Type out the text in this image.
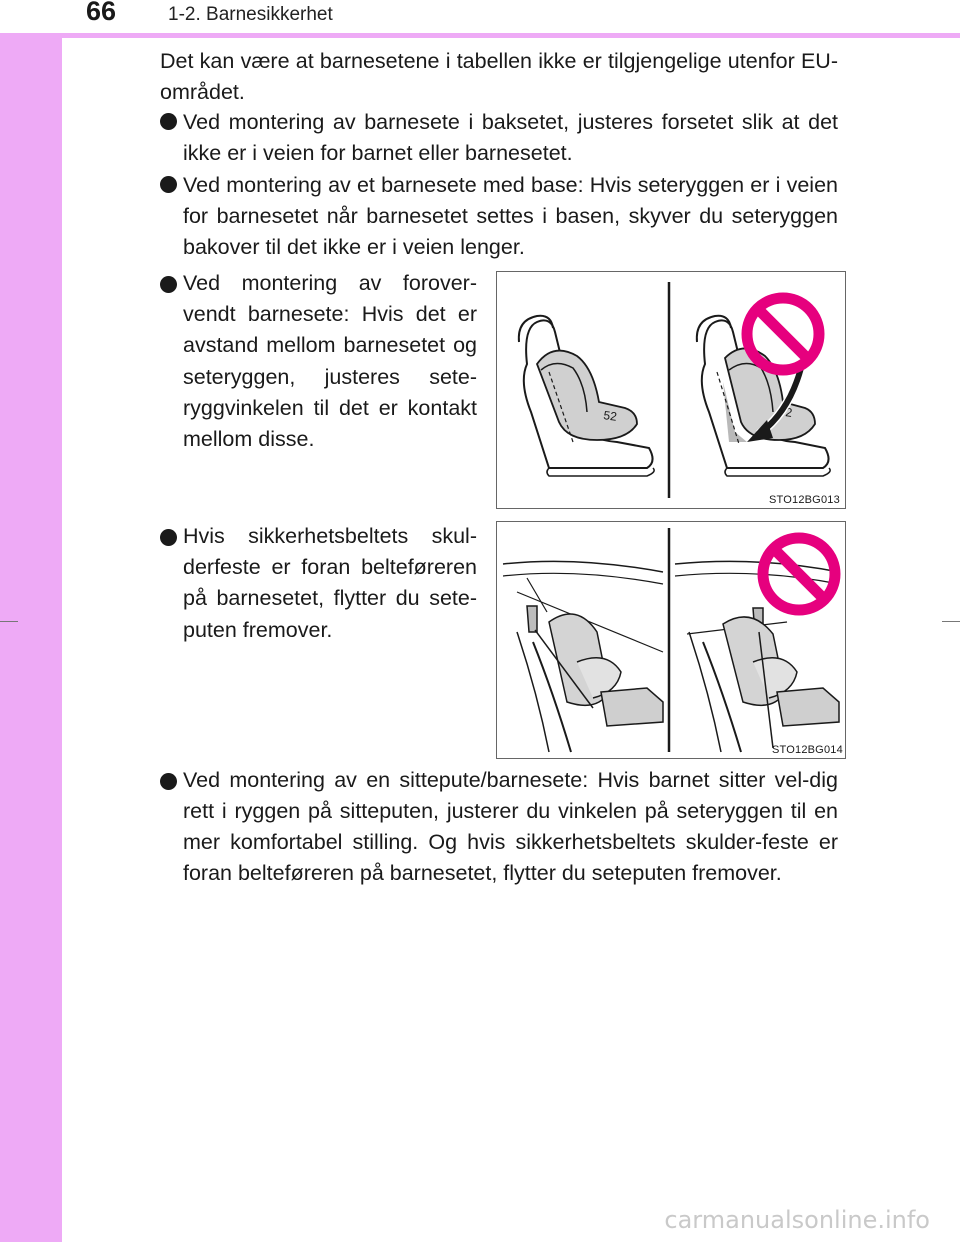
66	1-2. Barnesikkerhet

Det kan være at barnesetene i tabellen ikke er tilgjengelige utenfor EU-området.

Ved montering av barnesete i baksetet, justeres forsetet slik at det ikke er i veien for barnet eller barnesetet.

Ved montering av et barnesete med base: Hvis seteryggen er i veien for barnesetet når barnesetet settes i basen, skyver du seteryggen bakover til det ikke er i veien lenger.

Ved montering av forover-vendt barnesete: Hvis det er avstand mellom barnesetet og seteryggen, justeres sete-ryggvinkelen til det er kontakt mellom disse.

52	2
STO12BG013

Hvis sikkerhetsbeltets skul-derfeste er foran belteføreren på barnesetet, flytter du sete-puten fremover.

STO12BG014

Ved montering av en sittepute/barnesete: Hvis barnet sitter vel-dig rett i ryggen på sitteputen, justerer du vinkelen på seteryggen til en mer komfortabel stilling. Og hvis sikkerhetsbeltets skulder-feste er foran belteføreren på barnesetet, flytter du seteputen fremover.

carmanualsonline.info
